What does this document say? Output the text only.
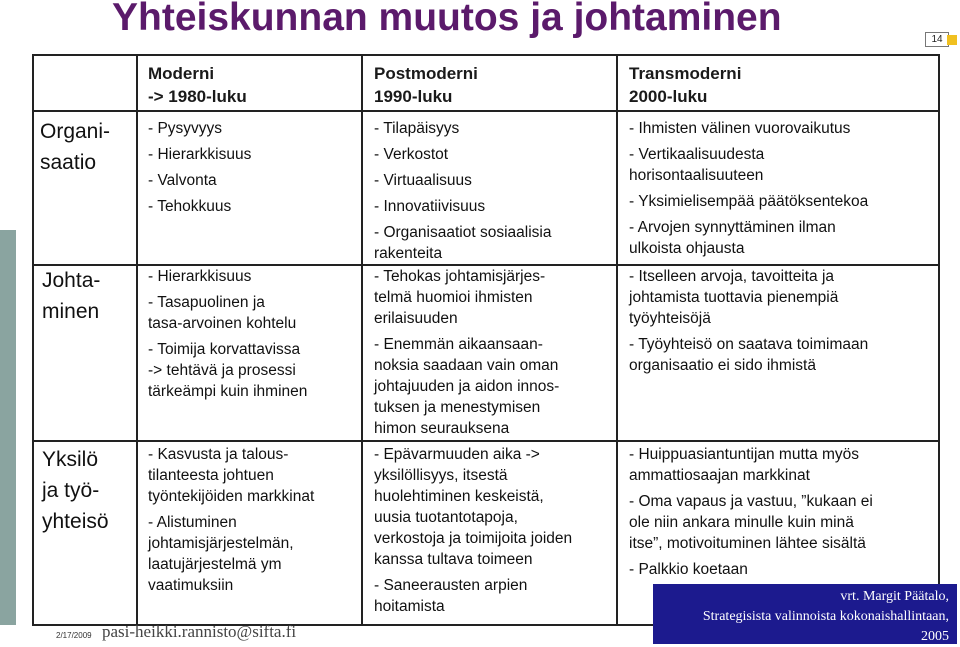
Yhteiskunnan muutos ja johtaminen
14
Moderni
-> 1980-luku
Postmoderni
1990-luku
Transmoderni
2000-luku
Organi-
saatio
Johta-
minen
Yksilö
ja työ-
yhteisö

- Pysyvyys

- Hierarkkisuus

- Valvonta

- Tehokkuus

- Tilapäisyys

- Verkostot

- Virtuaalisuus

- Innovatiivisuus

- Organisaatiot sosiaalisia

rakenteita

- Ihmisten välinen vuorovaikutus

- Vertikaalisuudesta

horisontaalisuuteen

- Yksimielisempää päätöksentekoa

- Arvojen synnyttäminen ilman

ulkoista ohjausta

- Hierarkkisuus

- Tasapuolinen ja

tasa-arvoinen kohtelu

- Toimija korvattavissa

-> tehtävä ja prosessi

tärkeämpi kuin ihminen

- Tehokas johtamisjärjes-

telmä huomioi ihmisten

erilaisuuden

- Enemmän aikaansaan-

noksia saadaan vain oman

johtajuuden ja aidon innos-

tuksen ja menestymisen

himon seurauksena

- Itselleen arvoja, tavoitteita ja

johtamista tuottavia pienempiä

työyhteisöjä

- Työyhteisö on saatava toimimaan

organisaatio ei sido ihmistä

- Kasvusta ja talous-

tilanteesta johtuen

työntekijöiden markkinat

- Alistuminen

johtamisjärjestelmän,

laatujärjestelmä ym

vaatimuksiin

- Epävarmuuden aika ->

yksilöllisyys, itsestä

huolehtiminen keskeistä,

uusia tuotantotapoja,

verkostoja ja toimijoita joiden

kanssa tultava toimeen

- Saneerausten arpien

hoitamista

- Huippuasiantuntijan mutta myös

ammattiosaajan markkinat

- Oma vapaus ja vastuu, ”kukaan ei

ole niin ankara minulle kuin minä

itse”, motivoituminen lähtee sisältä

- Palkkio koetaan

2/17/2009 pasi-heikki.rannisto@sifta.fi
vrt. Margit Päätalo,
Strategisista valinnoista kokonaishallintaan,
2005
